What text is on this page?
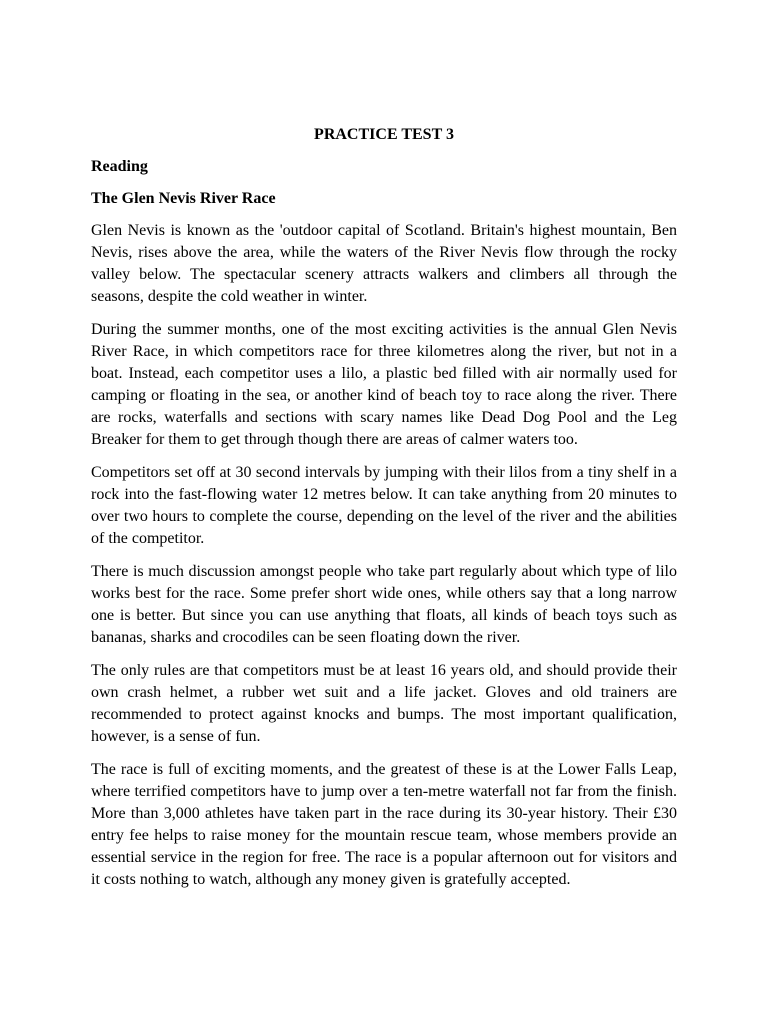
PRACTICE TEST 3
Reading
The Glen Nevis River Race

Glen Nevis is known as the 'outdoor capital of Scotland. Britain's highest mountain, Ben Nevis, rises above the area, while the waters of the River Nevis flow through the rocky valley below. The spectacular scenery attracts walkers and climbers all through the seasons, despite the cold weather in winter.

During the summer months, one of the most exciting activities is the annual Glen Nevis River Race, in which competitors race for three kilometres along the river, but not in a boat. Instead, each competitor uses a lilo, a plastic bed filled with air normally used for camping or floating in the sea, or another kind of beach toy to race along the river. There are rocks, waterfalls and sections with scary names like Dead Dog Pool and the Leg Breaker for them to get through though there are areas of calmer waters too.

Competitors set off at 30 second intervals by jumping with their lilos from a tiny shelf in a rock into the fast-flowing water 12 metres below. It can take anything from 20 minutes to over two hours to complete the course, depending on the level of the river and the abilities of the competitor.

There is much discussion amongst people who take part regularly about which type of lilo works best for the race. Some prefer short wide ones, while others say that a long narrow one is better. But since you can use anything that floats, all kinds of beach toys such as bananas, sharks and crocodiles can be seen floating down the river.

The only rules are that competitors must be at least 16 years old, and should provide their own crash helmet, a rubber wet suit and a life jacket. Gloves and old trainers are recommended to protect against knocks and bumps. The most important qualification, however, is a sense of fun.

The race is full of exciting moments, and the greatest of these is at the Lower Falls Leap, where terrified competitors have to jump over a ten-metre waterfall not far from the finish. More than 3,000 athletes have taken part in the race during its 30-year history. Their £30 entry fee helps to raise money for the mountain rescue team, whose members provide an essential service in the region for free. The race is a popular afternoon out for visitors and it costs nothing to watch, although any money given is gratefully accepted.
